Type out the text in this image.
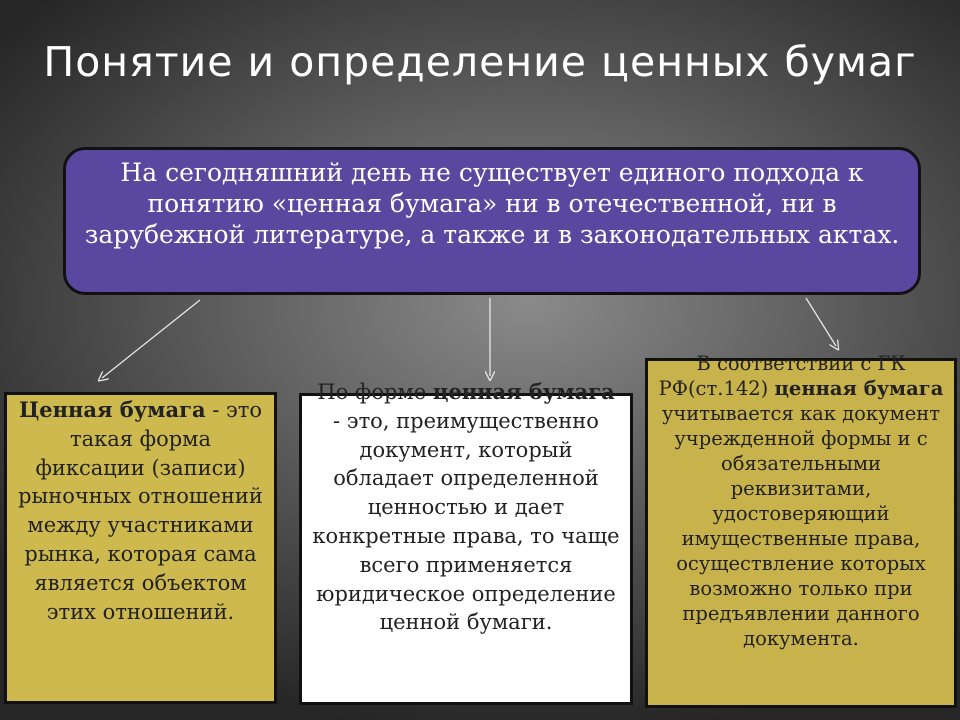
Понятие и определение ценных бумаг
На сегодняшний день не существует единого подхода к понятию «ценная бумага» ни в отечественной, ни в зарубежной литературе, а также и в законодательных актах.
Ценная бумага - это такая форма фиксации (записи) рыночных отношений между участниками рынка, которая сама является объектом этих отношений.
По форме ценная бумага - это, преимущественно документ, который обладает определенной ценностью и дает конкретные права, то чаще всего применяется юридическое определение ценной бумаги.
В соответствии с ГК РФ(ст.142) ценная бумага учитывается как документ учрежденной формы и с обязательными реквизитами, удостоверяющий имущественные права, осуществление которых возможно только при предъявлении данного документа.
